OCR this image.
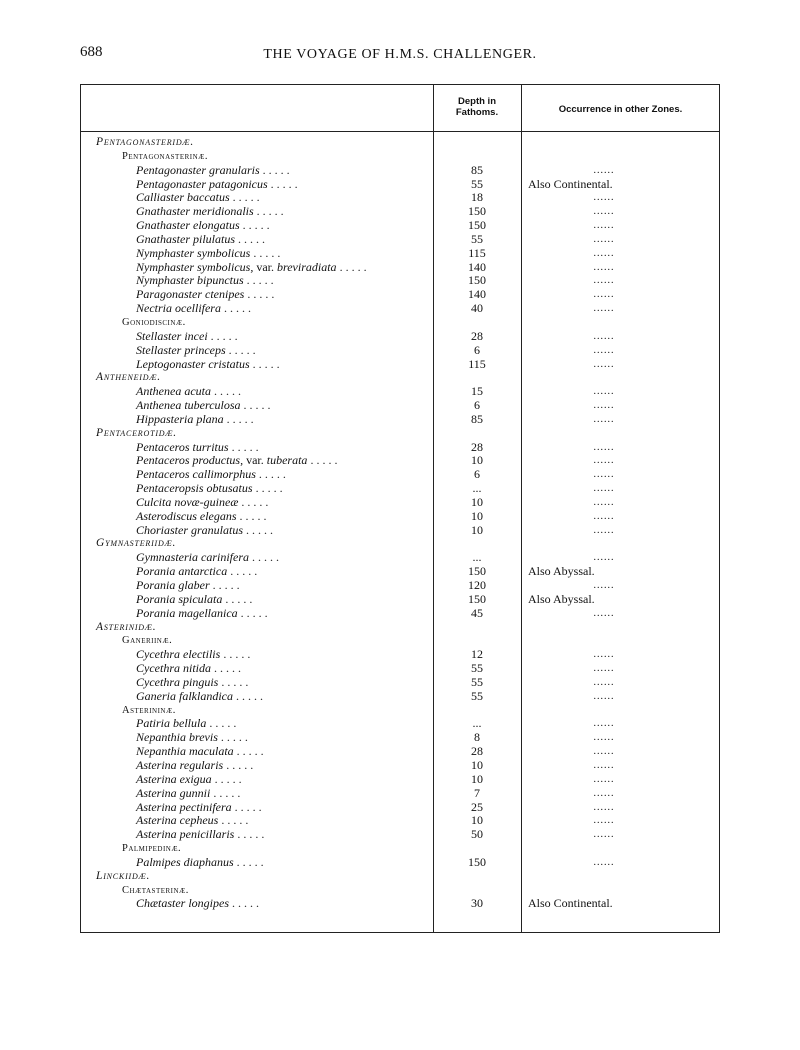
688	THE VOYAGE OF H.M.S. CHALLENGER.
Depth in
Fathoms.	Occurrence in other Zones.
Pentagonasteridæ.
Pentagonasterinæ.
Pentagonaster granularis . . . . .	85	......
Pentagonaster patagonicus . . . . .	55	Also Continental.
Calliaster baccatus . . . . .	18	......
Gnathaster meridionalis . . . . .	150	......
Gnathaster elongatus . . . . .	150	......
Gnathaster pilulatus . . . . .	55	......
Nymphaster symbolicus . . . . .	115	......
Nymphaster symbolicus, var. breviradiata . . . . .	140	......
Nymphaster bipunctus . . . . .	150	......
Paragonaster ctenipes . . . . .	140	......
Nectria ocellifera . . . . .	40	......
Goniodiscinæ.
Stellaster incei . . . . .	28	......
Stellaster princeps . . . . .	6	......
Leptogonaster cristatus . . . . .	115	......
Antheneidæ.
Anthenea acuta . . . . .	15	......
Anthenea tuberculosa . . . . .	6	......
Hippasteria plana . . . . .	85	......
Pentacerotidæ.
Pentaceros turritus . . . . .	28	......
Pentaceros productus, var. tuberata . . . . .	10	......
Pentaceros callimorphus . . . . .	6	......
Pentaceropsis obtusatus . . . . .	...	......
Culcita novæ-guineæ . . . . .	10	......
Asterodiscus elegans . . . . .	10	......
Choriaster granulatus . . . . .	10	......
Gymnasteriidæ.
Gymnasteria carinifera . . . . .	...	......
Porania antarctica . . . . .	150	Also Abyssal.
Porania glaber . . . . .	120	......
Porania spiculata . . . . .	150	Also Abyssal.
Porania magellanica . . . . .	45	......
Asterinidæ.
Ganeriinæ.
Cycethra electilis . . . . .	12	......
Cycethra nitida . . . . .	55	......
Cycethra pinguis . . . . .	55	......
Ganeria falklandica . . . . .	55	......
Asterininæ.
Patiria bellula . . . . .	...	......
Nepanthia brevis . . . . .	8	......
Nepanthia maculata . . . . .	28	......
Asterina regularis . . . . .	10	......
Asterina exigua . . . . .	10	......
Asterina gunnii . . . . .	7	......
Asterina pectinifera . . . . .	25	......
Asterina cepheus . . . . .	10	......
Asterina penicillaris . . . . .	50	......
Palmipedinæ.
Palmipes diaphanus . . . . .	150	......
Linckiidæ.
Chætasterinæ.
Chætaster longipes . . . . .	30	Also Continental.
